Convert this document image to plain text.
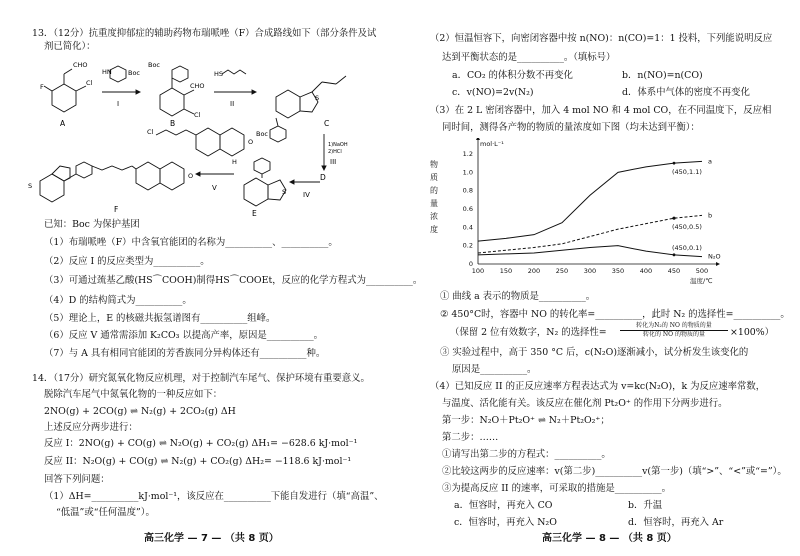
13．（12分）抗重度抑郁症的辅助药物布瑞哌唑（F）合成路线如下（部分条件及试
剂已简化）：
F
CHO
Cl
HN	Boc
Boc
CHO
Cl
HS
Boc
S
1)NaOH
2)HCl
Cl
O
H
S
S
O
A	B	C
D
E
F
I	II
III
IV
V
已知：Boc 为保护基团
（1）布瑞哌唑（F）中含氧官能团的名称为__________、__________。
（2）反应 I 的反应类型为__________。
（3）可通过巯基乙酸(HS⌒COOH)制得HS⌒COOEt，反应的化学方程式为__________。
（4）D 的结构简式为__________。
（5）理论上，E 的核磁共振氢谱图有__________组峰。
（6）反应 V 通常需添加 K₂CO₃ 以提高产率，原因是__________。
（7）与 A 具有相同官能团的芳香族同分异构体还有__________种。
14．（17分）研究氮氧化物反应机理，对于控制汽车尾气、保护环境有重要意义。
脱除汽车尾气中氮氧化物的一种反应如下：
2NO(g) + 2CO(g) ⇌ N₂(g) + 2CO₂(g) ΔH
上述反应分两步进行：
反应 I：2NO(g) + CO(g) ⇌ N₂O(g) + CO₂(g) ΔH₁= −628.6 kJ·mol⁻¹
反应 II：N₂O(g) + CO(g) ⇌ N₂(g) + CO₂(g) ΔH₂= −118.6 kJ·mol⁻¹
回答下列问题：
（1）ΔH=__________kJ·mol⁻¹，该反应在__________下能自发进行（填“高温”、
“低温”或“任何温度”）。
高三化学 — 7 — （共 8 页）
（2）恒温恒容下，向密闭容器中按 n(NO)：n(CO)=1：1 投料，下列能说明反应
达到平衡状态的是__________。（填标号）
a．CO₂ 的体积分数不再变化	b．n(NO)=n(CO)
c．v(NO)=2v(N₂)	d．体系中气体的密度不再变化
（3）在 2 L 密闭容器中，加入 4 mol NO 和 4 mol CO，在不同温度下，反应相
同时间，测得各产物的物质的量浓度如下图（均未达到平衡）：
0
0.2
0.4
0.6
0.8
1.0
1.2
100 150 200 250 300 350 400 450 500
mol·L⁻¹
温度/℃
a
(450,1.1)
b
(450,0.5)
N₂O
(450,0.1)
物
质
的
量
浓
度
① 曲线 a 表示的物质是__________。
② 450°C时，容器中 NO 的转化率=__________，此时 N₂ 的选择性=__________。
（保留 2 位有效数字，N₂ 的选择性=
转化为N₂的 NO 的物质的量
转化的 NO 的物质的量	×100%）
③ 实验过程中，高于 350 °C 后，c(N₂O)逐渐减小，试分析发生该变化的
原因是__________。
（4）已知反应 II 的正反应速率方程表达式为 v=kc(N₂O)，k 为反应速率常数，
与温度、活化能有关。该反应在催化剂 Pt₂O⁺ 的作用下分两步进行。
第一步：N₂O＋Pt₂O⁺ ⇌ N₂＋Pt₂O₂⁺；
第二步：……
①请写出第二步的方程式：__________。
②比较这两步的反应速率：v(第二步)__________v(第一步)（填“>”、“<”或“=”）。
③为提高反应 II 的速率，可采取的措施是__________。
a．恒容时，再充入 CO	b．升温
c．恒容时，再充入 N₂O	d．恒容时，再充入 Ar
高三化学 — 8 — （共 8 页）
